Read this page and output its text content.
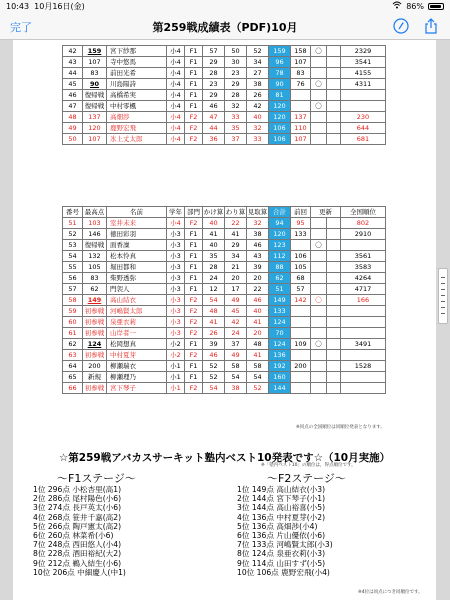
10:43 10月16日(金)	86%
完了	第259戦成績表（PDF)10月
42	159	宮下紗那	小4	F1	57	50	52	159	158	〇		2329
43	107	寺中悠馬	小4	F1	29	30	34	96	107			3541
44	83	前田光希	小4	F1	28	23	27	78	83			4155
45	90	川島陽詩	小4	F1	23	29	38	90	76	〇		4311
46	復帰戦	高橋希実	小4	F1	29	28	26	81				
47	復帰戦	中村零楓	小4	F1	46	32	42	120		〇		
48	137	高畑渉	小4	F2	47	33	40	120	137			230
49	120	鹿野宏飛	小4	F2	44	35	32	106	110			644
50	107	氷上丈太郎	小4	F2	36	37	33	106	107			681
番号	最高点	名前	学年	部門	かけ算	わり算	見取算	合計	前回	更新		全国順位
51	103	室井未来	小4	F2	40	22	32	94	95			802
52	146	徳田彩羽	小3	F1	41	41	38	120	133			2910
53	復帰戦	面香凜	小3	F1	40	29	46	123		〇		
54	132	松本怜真	小3	F1	35	34	43	112	106			3561
55	105	堀田都和	小3	F1	28	21	39	88	105			3583
56	83	柴野透弥	小3	F1	24	20	20	62	68			4264
57	62	門袈人	小3	F1	12	17	22	51	57			4717
58	149	高山結衣	小3	F2	54	49	46	149	142	〇		166
59	初参戦	河嶋賢太郎	小3	F2	48	45	40	133				
60	初参戦	泉亜衣莉	小3	F2	41	42	41	124				
61	初参戦	山岸者一	小3	F2	26	24	20	70				
62	124	松岡想真	小2	F1	39	37	48	124	109	〇		3491
63	初参戦	中村夏芽	小2	F2	46	49	41	136				
64	200	柳瀬瑞衣	小1	F1	52	58	58	192	200			1528
65	新規	柳瀬理乃	小1	F1	52	54	54	160				
66	初参戦	宮下琴子	小1	F2	54	38	52	144				
※同点の全国順位は同順位発表となります。
☆第259戦アバカスサーキット塾内ベスト10発表です☆（10月実施）
※「塾内ベスト10」の順位は，得点順位です。
〜F1ステージ〜	〜F2ステージ〜
1位 296点 小松杏里(高1)
2位 286点 尾村陽色(小6)
3位 274点 長戸英太(小6)
4位 268点 笹井千嘉(高2)
5位 266点 陶戸憲太(高2)
6位 260点 林菜希(小6)
7位 248点 西田悠人(小4)
8位 228点 酒田裕紀(大2)
9位 212点 鵜入結生(小6)
10位 206点 中細慶人(中1)
1位 149点 高山結衣(小3)
2位 144点 宮下琴子(小1)
3位 144点 高山裕喜(小5)
4位 136点 中村夏芽(小2)
5位 136点 高畑渉(小4)
6位 136点 片山優依(小6)
7位 133点 河嶋賢太郎(小3)
8位 124点 泉亜衣莉(小3)
9位 114点 山田すず(小5)
10位 106点 鹿野宏飛(小4)
※4位は同点につき同順位です。
